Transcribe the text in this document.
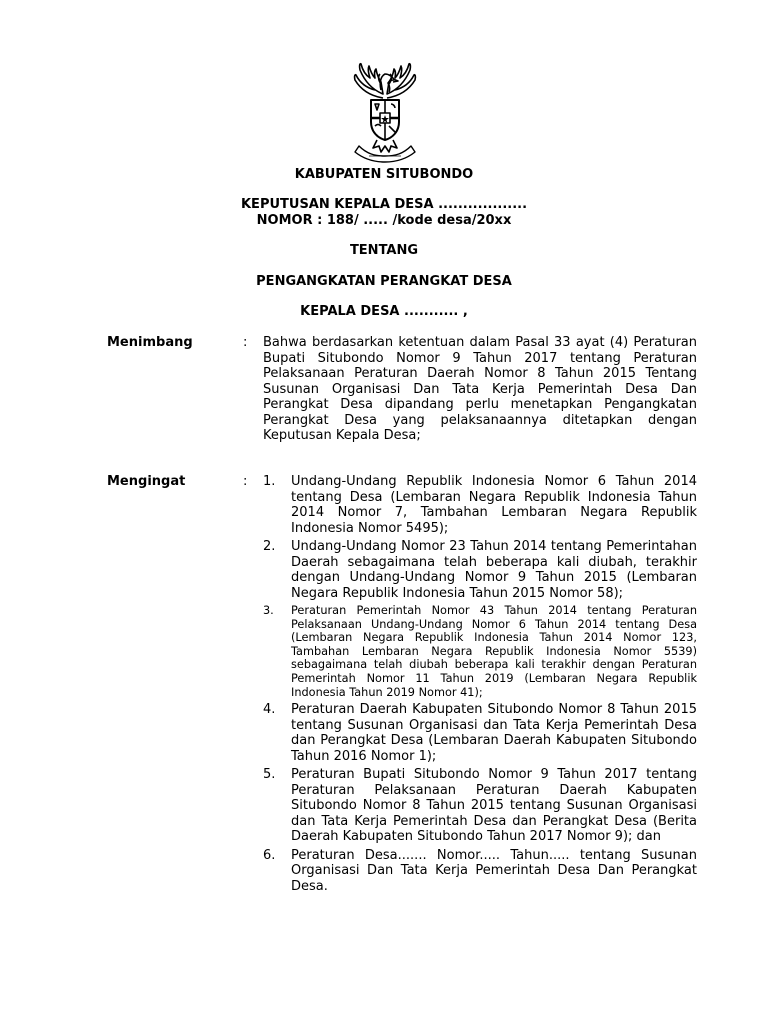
KABUPATEN SITUBONDO
KEPUTUSAN KEPALA DESA ..................
NOMOR : 188/ ..... /kode desa/20xx
TENTANG
PENGANGKATAN PERANGKAT DESA
KEPALA DESA ........... ,
Menimbang	: Bahwa berdasarkan ketentuan dalam Pasal 33 ayat (4) Peraturan Bupati Situbondo Nomor 9 Tahun 2017 tentang Peraturan Pelaksanaan Peraturan Daerah Nomor 8 Tahun 2015 Tentang Susunan Organisasi Dan Tata Kerja Pemerintah Desa Dan Perangkat Desa dipandang perlu menetapkan Pengangkatan Perangkat Desa yang pelaksanaannya ditetapkan dengan Keputusan Kepala Desa;

Mengingat	: 1. Undang-Undang Republik Indonesia Nomor 6 Tahun 2014 tentang Desa (Lembaran Negara Republik Indonesia Tahun 2014 Nomor 7, Tambahan Lembaran Negara Republik Indonesia Nomor 5495);
2. Undang-Undang Nomor 23 Tahun 2014 tentang Pemerintahan Daerah sebagaimana telah beberapa kali diubah, terakhir dengan Undang-Undang Nomor 9 Tahun 2015 (Lembaran Negara Republik Indonesia Tahun 2015 Nomor 58);
3. Peraturan Pemerintah Nomor 43 Tahun 2014 tentang Peraturan Pelaksanaan Undang-Undang Nomor 6 Tahun 2014 tentang Desa (Lembaran Negara Republik Indonesia Tahun 2014 Nomor 123, Tambahan Lembaran Negara Republik Indonesia Nomor 5539) sebagaimana telah diubah beberapa kali terakhir dengan Peraturan Pemerintah Nomor 11 Tahun 2019 (Lembaran Negara Republik Indonesia Tahun 2019 Nomor 41);
4. Peraturan Daerah Kabupaten Situbondo Nomor 8 Tahun 2015 tentang Susunan Organisasi dan Tata Kerja Pemerintah Desa dan Perangkat Desa (Lembaran Daerah Kabupaten Situbondo Tahun 2016 Nomor 1);
5. Peraturan Bupati Situbondo Nomor 9 Tahun 2017 tentang Peraturan Pelaksanaan Peraturan Daerah Kabupaten Situbondo Nomor 8 Tahun 2015 tentang Susunan Organisasi dan Tata Kerja Pemerintah Desa dan Perangkat Desa (Berita Daerah Kabupaten Situbondo Tahun 2017 Nomor 9); dan
6. Peraturan Desa....... Nomor..... Tahun..... tentang Susunan Organisasi Dan Tata Kerja Pemerintah Desa Dan Perangkat Desa.
